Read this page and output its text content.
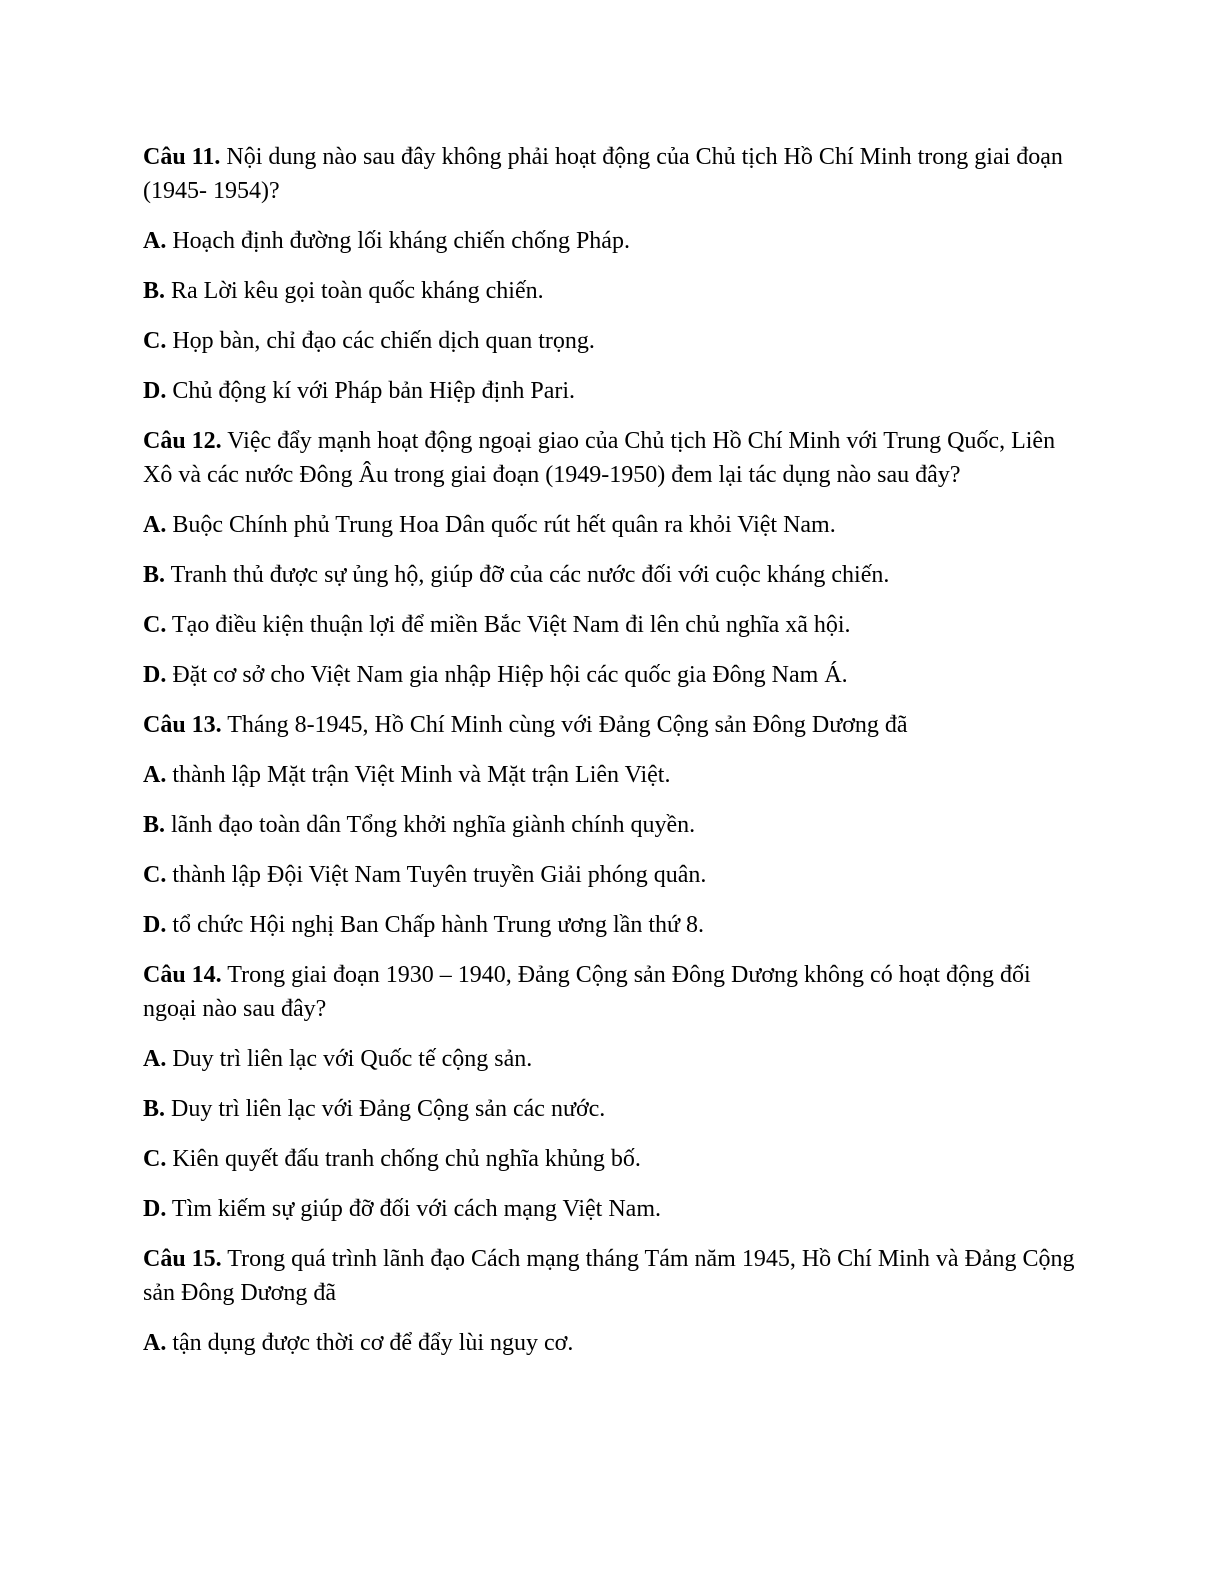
Câu 11. Nội dung nào sau đây không phải hoạt động của Chủ tịch Hồ Chí Minh trong giai đoạn (1945- 1954)?

A. Hoạch định đường lối kháng chiến chống Pháp.

B. Ra Lời kêu gọi toàn quốc kháng chiến.

C. Họp bàn, chỉ đạo các chiến dịch quan trọng.

D. Chủ động kí với Pháp bản Hiệp định Pari.

Câu 12. Việc đẩy mạnh hoạt động ngoại giao của Chủ tịch Hồ Chí Minh với Trung Quốc, Liên Xô và các nước Đông Âu trong giai đoạn (1949-1950) đem lại tác dụng nào sau đây?

A. Buộc Chính phủ Trung Hoa Dân quốc rút hết quân ra khỏi Việt Nam.

B. Tranh thủ được sự ủng hộ, giúp đỡ của các nước đối với cuộc kháng chiến.

C. Tạo điều kiện thuận lợi để miền Bắc Việt Nam đi lên chủ nghĩa xã hội.

D. Đặt cơ sở cho Việt Nam gia nhập Hiệp hội các quốc gia Đông Nam Á.

Câu 13. Tháng 8-1945, Hồ Chí Minh cùng với Đảng Cộng sản Đông Dương đã

A. thành lập Mặt trận Việt Minh và Mặt trận Liên Việt.

B. lãnh đạo toàn dân Tổng khởi nghĩa giành chính quyền.

C. thành lập Đội Việt Nam Tuyên truyền Giải phóng quân.

D. tổ chức Hội nghị Ban Chấp hành Trung ương lần thứ 8.

Câu 14. Trong giai đoạn 1930 – 1940, Đảng Cộng sản Đông Dương không có hoạt động đối ngoại nào sau đây?

A. Duy trì liên lạc với Quốc tế cộng sản.

B. Duy trì liên lạc với Đảng Cộng sản các nước.

C. Kiên quyết đấu tranh chống chủ nghĩa khủng bố.

D. Tìm kiếm sự giúp đỡ đối với cách mạng Việt Nam.

Câu 15. Trong quá trình lãnh đạo Cách mạng tháng Tám năm 1945, Hồ Chí Minh và Đảng Cộng sản Đông Dương đã

A. tận dụng được thời cơ để đẩy lùi nguy cơ.
